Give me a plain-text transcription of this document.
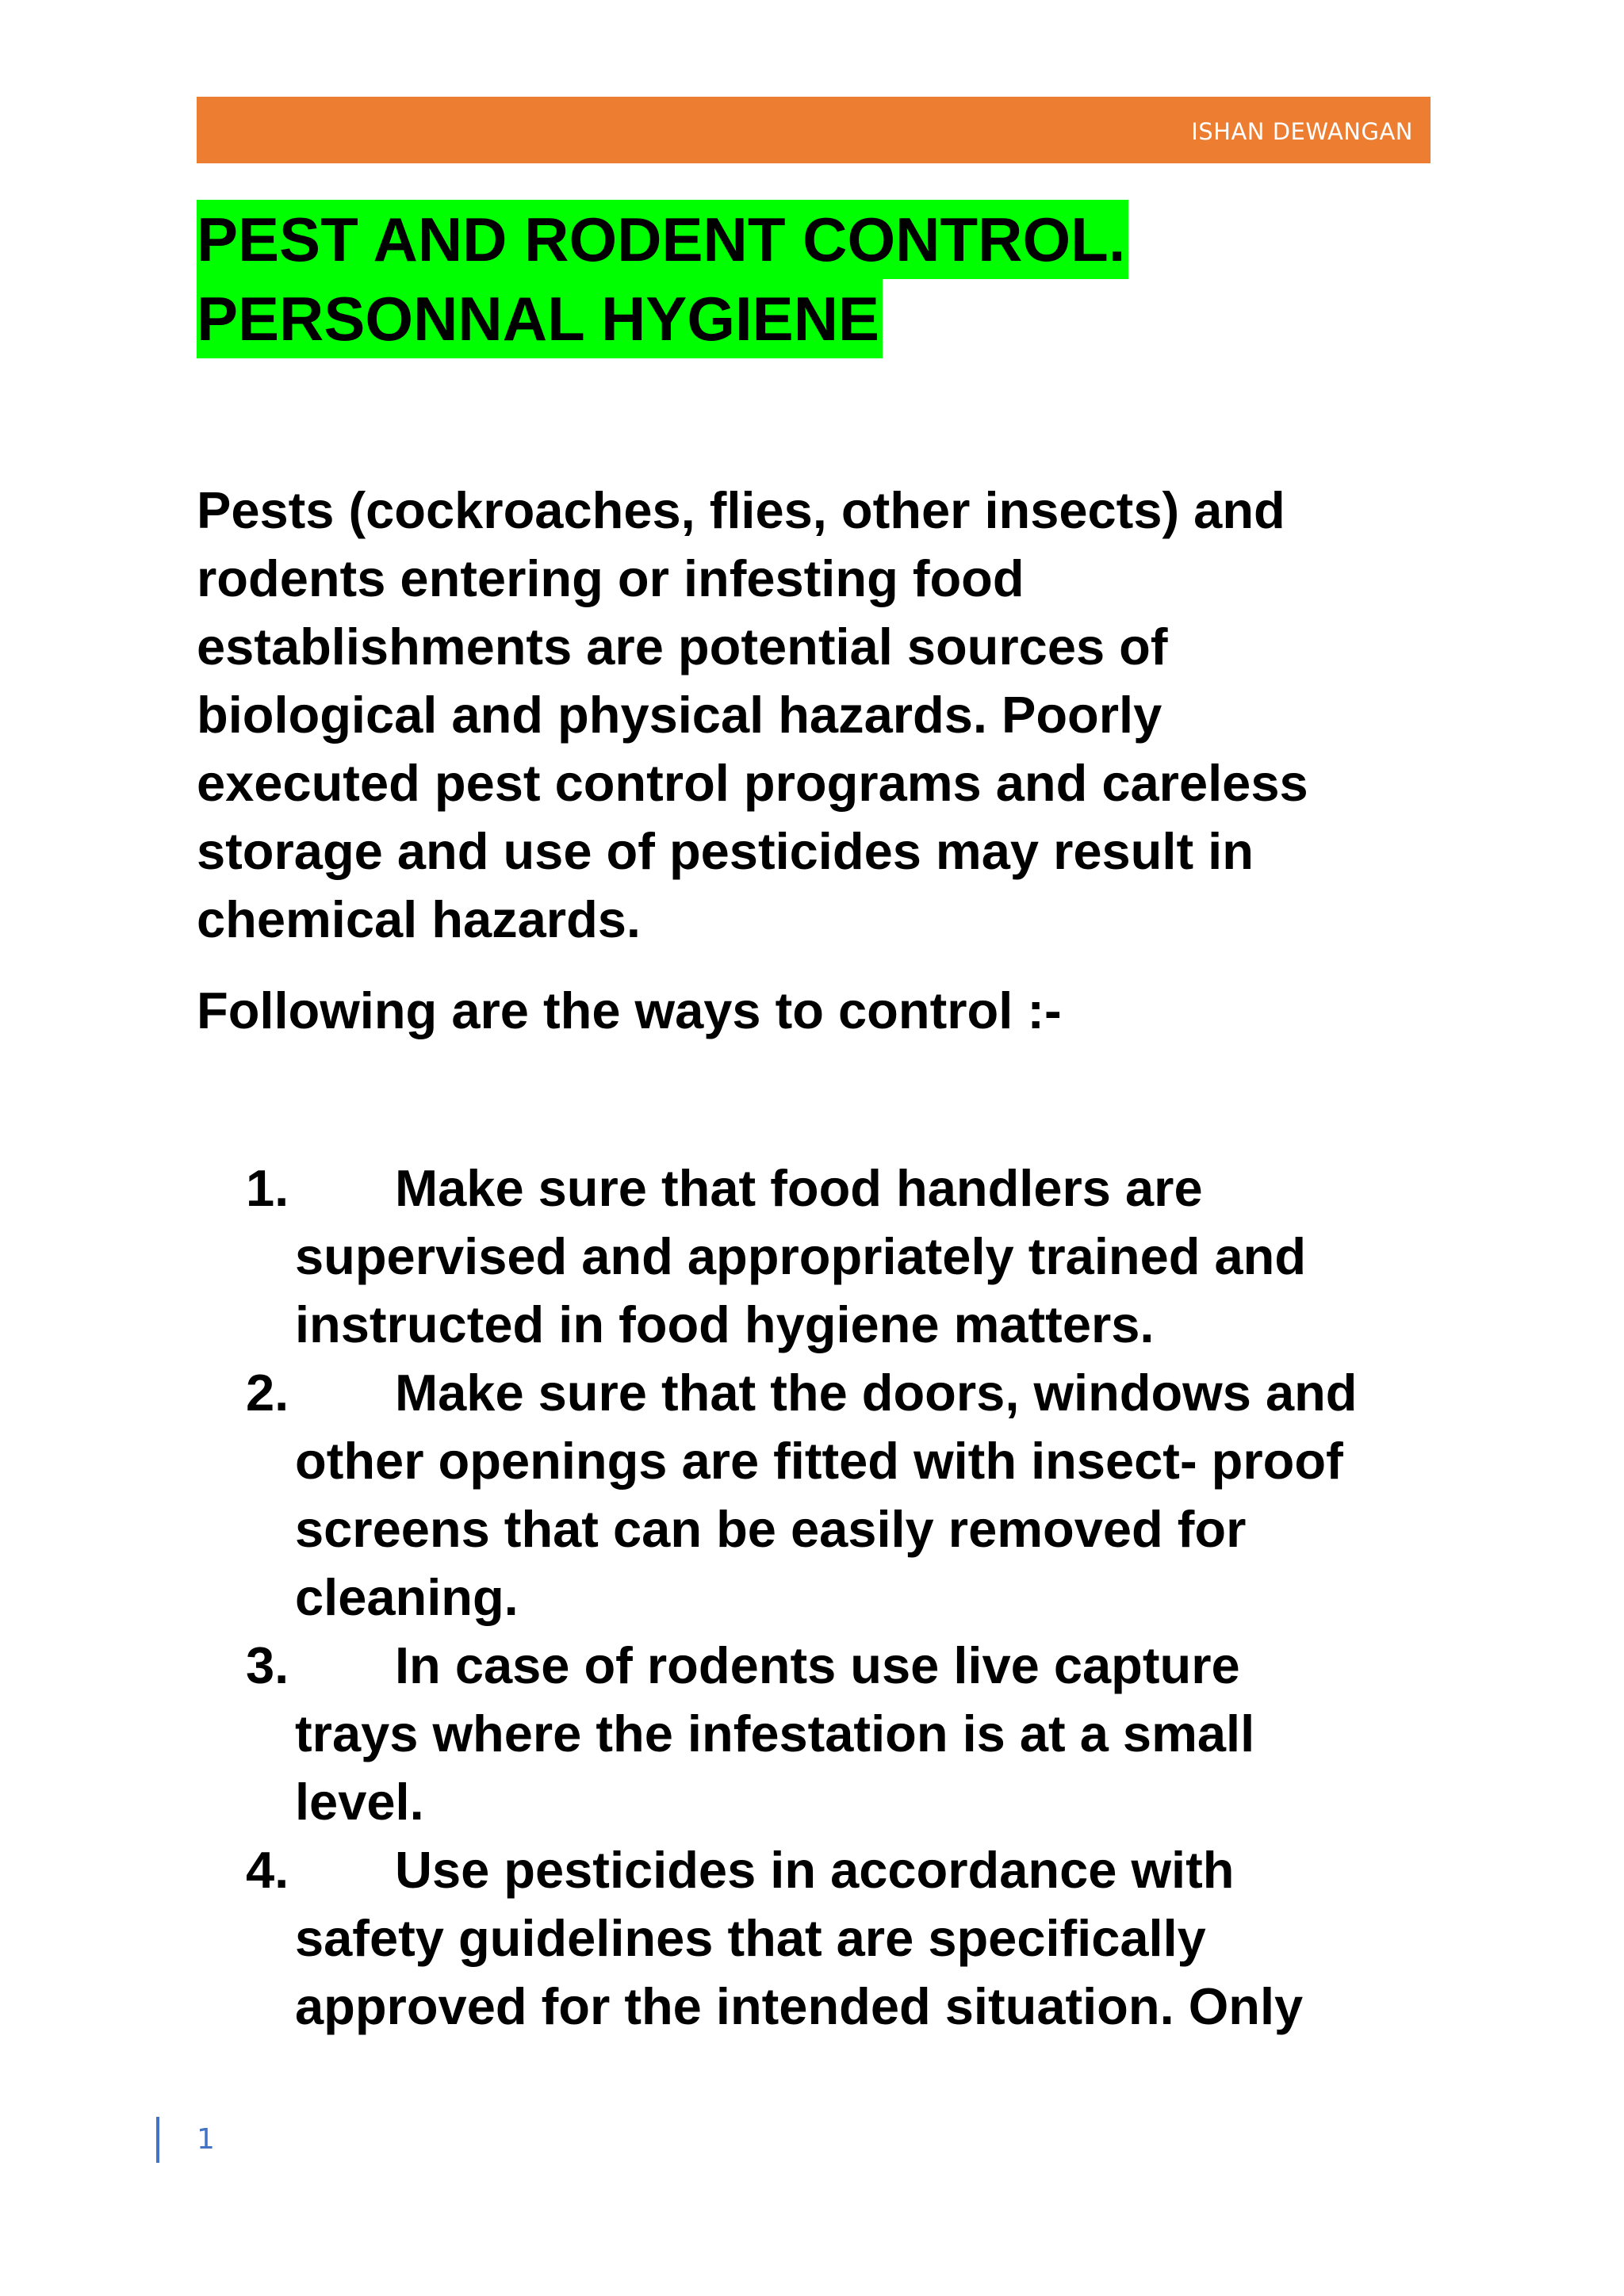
ISHAN DEWANGAN
PEST AND RODENT CONTROL.
PERSONNAL HYGIENE

Pests (cockroaches, flies, other insects) and
rodents entering or infesting food
establishments are potential sources of
biological and physical hazards. Poorly
executed pest control programs and careless
storage and use of pesticides may result in
chemical hazards.

Following are the ways to control :-

1. Make sure that food handlers are
supervised and appropriately trained and
instructed in food hygiene matters.
2. Make sure that the doors, windows and
other openings are fitted with insect- proof
screens that can be easily removed for
cleaning.
3. In case of rodents use live capture
trays where the infestation is at a small
level.
4. Use pesticides in accordance with
safety guidelines that are specifically
approved for the intended situation. Only
1
